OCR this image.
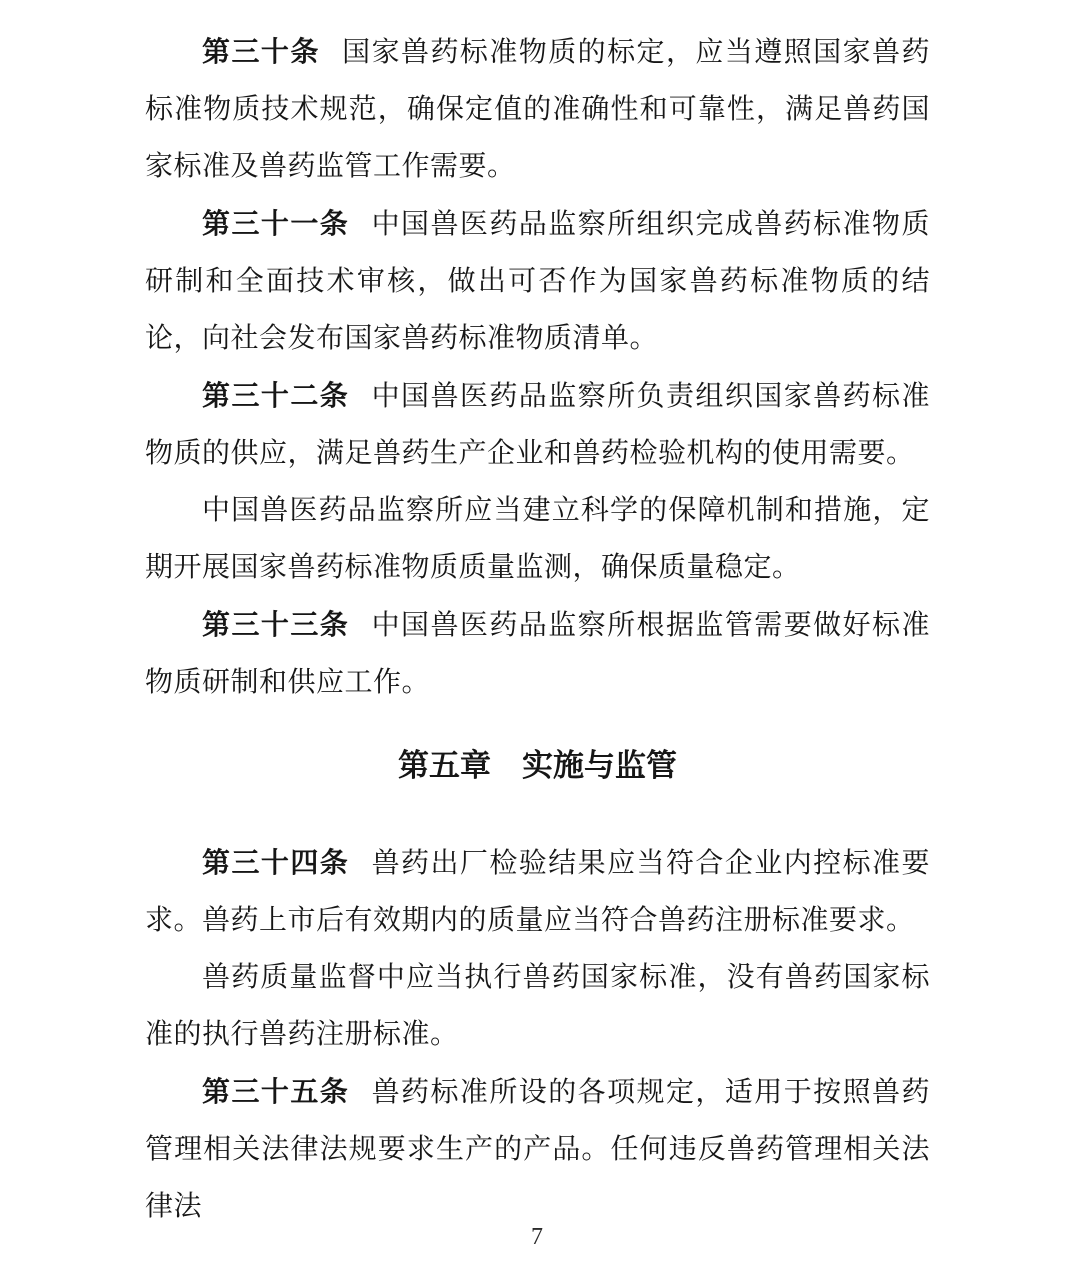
第三十条 国家兽药标准物质的标定，应当遵照国家兽药标准物质技术规范，确保定值的准确性和可靠性，满足兽药国家标准及兽药监管工作需要。

第三十一条 中国兽医药品监察所组织完成兽药标准物质研制和全面技术审核，做出可否作为国家兽药标准物质的结论，向社会发布国家兽药标准物质清单。

第三十二条 中国兽医药品监察所负责组织国家兽药标准物质的供应，满足兽药生产企业和兽药检验机构的使用需要。

中国兽医药品监察所应当建立科学的保障机制和措施，定期开展国家兽药标准物质质量监测，确保质量稳定。

第三十三条 中国兽医药品监察所根据监管需要做好标准物质研制和供应工作。

第五章　实施与监管

第三十四条 兽药出厂检验结果应当符合企业内控标准要求。兽药上市后有效期内的质量应当符合兽药注册标准要求。

兽药质量监督中应当执行兽药国家标准，没有兽药国家标准的执行兽药注册标准。

第三十五条 兽药标准所设的各项规定，适用于按照兽药管理相关法律法规要求生产的产品。任何违反兽药管理相关法律法

7
